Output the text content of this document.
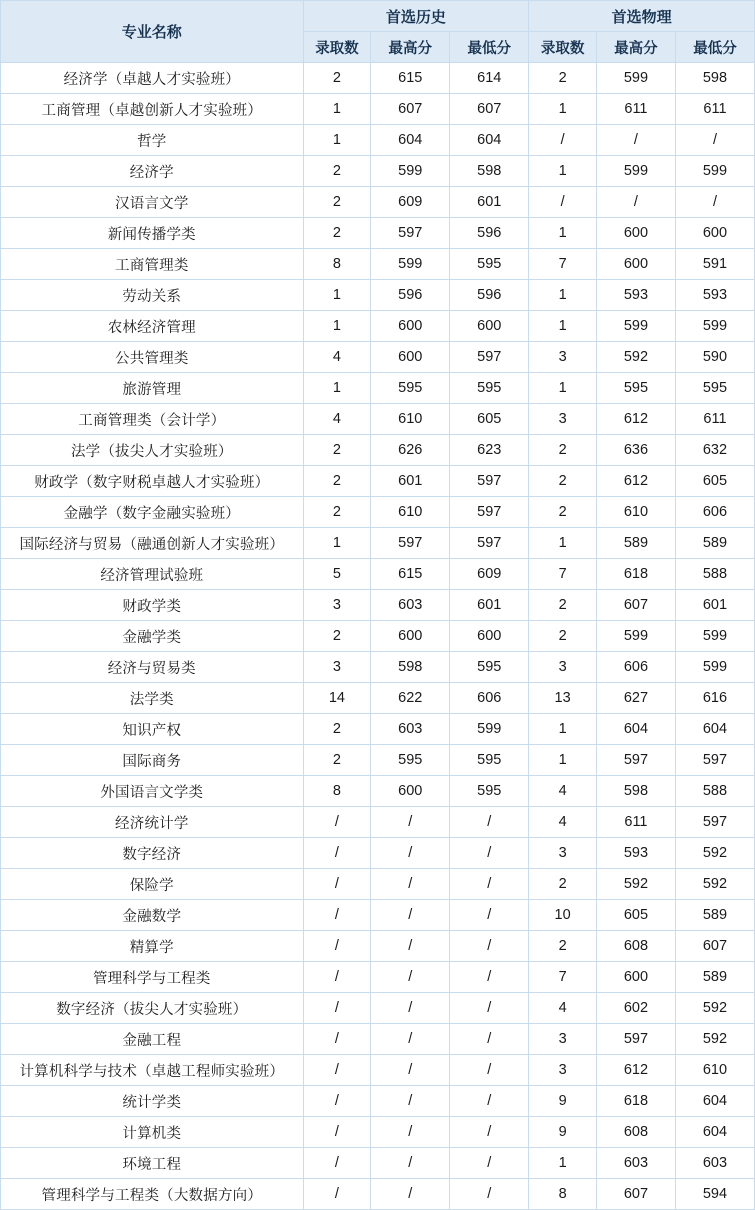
专业名称	首选历史			首选物理		
	录取数	最高分	最低分	录取数	最高分	最低分
经济学（卓越人才实验班）	2	615	614	2	599	598
工商管理（卓越创新人才实验班）	1	607	607	1	611	611
哲学	1	604	604	/	/	/
经济学	2	599	598	1	599	599
汉语言文学	2	609	601	/	/	/
新闻传播学类	2	597	596	1	600	600
工商管理类	8	599	595	7	600	591
劳动关系	1	596	596	1	593	593
农林经济管理	1	600	600	1	599	599
公共管理类	4	600	597	3	592	590
旅游管理	1	595	595	1	595	595
工商管理类（会计学）	4	610	605	3	612	611
法学（拔尖人才实验班）	2	626	623	2	636	632
财政学（数字财税卓越人才实验班）	2	601	597	2	612	605
金融学（数字金融实验班）	2	610	597	2	610	606
国际经济与贸易（融通创新人才实验班）	1	597	597	1	589	589
经济管理试验班	5	615	609	7	618	588
财政学类	3	603	601	2	607	601
金融学类	2	600	600	2	599	599
经济与贸易类	3	598	595	3	606	599
法学类	14	622	606	13	627	616
知识产权	2	603	599	1	604	604
国际商务	2	595	595	1	597	597
外国语言文学类	8	600	595	4	598	588
经济统计学	/	/	/	4	611	597
数字经济	/	/	/	3	593	592
保险学	/	/	/	2	592	592
金融数学	/	/	/	10	605	589
精算学	/	/	/	2	608	607
管理科学与工程类	/	/	/	7	600	589
数字经济（拔尖人才实验班）	/	/	/	4	602	592
金融工程	/	/	/	3	597	592
计算机科学与技术（卓越工程师实验班）	/	/	/	3	612	610
统计学类	/	/	/	9	618	604
计算机类	/	/	/	9	608	604
环境工程	/	/	/	1	603	603
管理科学与工程类（大数据方向）	/	/	/	8	607	594
